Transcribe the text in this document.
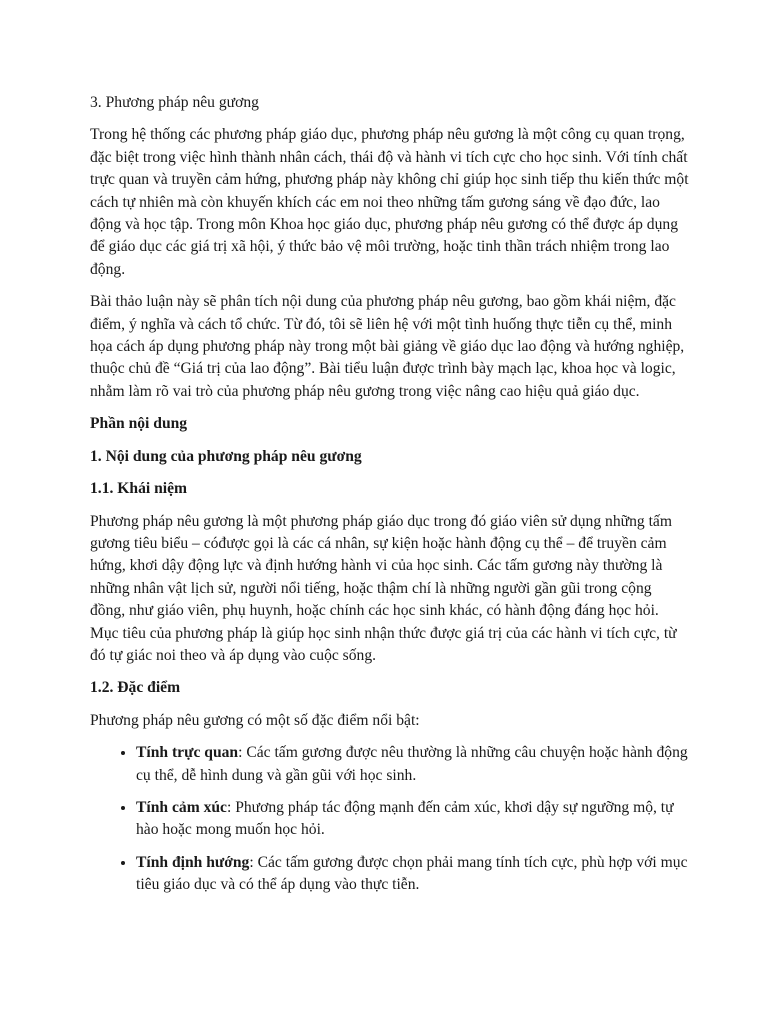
3. Phương pháp nêu gương

Trong hệ thống các phương pháp giáo dục, phương pháp nêu gương là một công cụ quan trọng, đặc biệt trong việc hình thành nhân cách, thái độ và hành vi tích cực cho học sinh. Với tính chất trực quan và truyền cảm hứng, phương pháp này không chỉ giúp học sinh tiếp thu kiến thức một cách tự nhiên mà còn khuyến khích các em noi theo những tấm gương sáng về đạo đức, lao động và học tập. Trong môn Khoa học giáo dục, phương pháp nêu gương có thể được áp dụng để giáo dục các giá trị xã hội, ý thức bảo vệ môi trường, hoặc tinh thần trách nhiệm trong lao động.

Bài thảo luận này sẽ phân tích nội dung của phương pháp nêu gương, bao gồm khái niệm, đặc điểm, ý nghĩa và cách tổ chức. Từ đó, tôi sẽ liên hệ với một tình huống thực tiễn cụ thể, minh họa cách áp dụng phương pháp này trong một bài giảng về giáo dục lao động và hướng nghiệp, thuộc chủ đề “Giá trị của lao động”. Bài tiểu luận được trình bày mạch lạc, khoa học và logic, nhằm làm rõ vai trò của phương pháp nêu gương trong việc nâng cao hiệu quả giáo dục.

Phần nội dung

1. Nội dung của phương pháp nêu gương

1.1. Khái niệm

Phương pháp nêu gương là một phương pháp giáo dục trong đó giáo viên sử dụng những tấm gương tiêu biểu – cóđược gọi là các cá nhân, sự kiện hoặc hành động cụ thể – để truyền cảm hứng, khơi dậy động lực và định hướng hành vi của học sinh. Các tấm gương này thường là những nhân vật lịch sử, người nổi tiếng, hoặc thậm chí là những người gần gũi trong cộng đồng, như giáo viên, phụ huynh, hoặc chính các học sinh khác, có hành động đáng học hỏi. Mục tiêu của phương pháp là giúp học sinh nhận thức được giá trị của các hành vi tích cực, từ đó tự giác noi theo và áp dụng vào cuộc sống.

1.2. Đặc điểm

Phương pháp nêu gương có một số đặc điểm nổi bật:

• Tính trực quan: Các tấm gương được nêu thường là những câu chuyện hoặc hành động cụ thể, dễ hình dung và gần gũi với học sinh.
• Tính cảm xúc: Phương pháp tác động mạnh đến cảm xúc, khơi dậy sự ngưỡng mộ, tự hào hoặc mong muốn học hỏi.
• Tính định hướng: Các tấm gương được chọn phải mang tính tích cực, phù hợp với mục tiêu giáo dục và có thể áp dụng vào thực tiễn.
